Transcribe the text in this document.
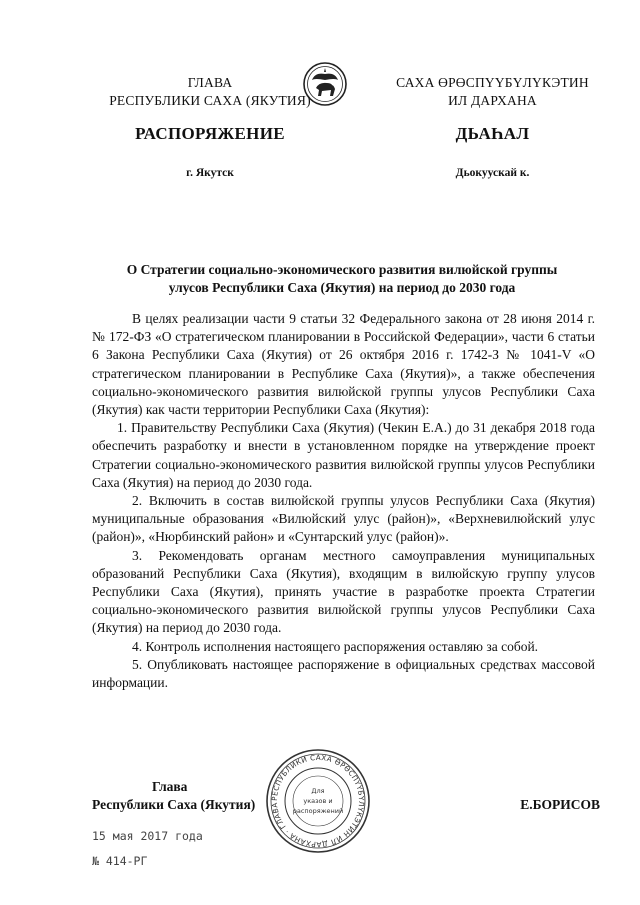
ГЛАВА
РЕСПУБЛИКИ САХА (ЯКУТИЯ)
САХА ӨРӨСПҮҮБҮЛҮКЭТИН
ИЛ ДАРХАНА
РАСПОРЯЖЕНИЕ	ДЬАҺАЛ
г. Якутск	Дьокуускай к.
О Стратегии социально-экономического развития вилюйской группы
улусов Республики Саха (Якутия) на период до 2030 года

В целях реализации части 9 статьи 32 Федерального закона от 28 июня 2014 г. № 172-ФЗ «О стратегическом планировании в Российской Федерации», части 6 статьи 6 Закона Республики Саха (Якутия) от 26 октября 2016 г. 1742-З № 1041-V «О стратегическом планировании в Республике Саха (Якутия)», а также обеспечения социально-экономического развития вилюйской группы улусов Республики Саха (Якутия) как части территории Республики Саха (Якутия):

1. Правительству Республики Саха (Якутия) (Чекин Е.А.) до 31 декабря 2018 года обеспечить разработку и внести в установленном порядке на утверждение проект Стратегии социально-экономического развития вилюйской группы улусов Республики Саха (Якутия) на период до 2030 года.

2. Включить в состав вилюйской группы улусов Республики Саха (Якутия) муниципальные образования «Вилюйский улус (район)», «Верхневилюйский улус (район)», «Нюрбинский район» и «Сунтарский улус (район)».

3. Рекомендовать органам местного самоуправления муниципальных образований Республики Саха (Якутия), входящим в вилюйскую группу улусов Республики Саха (Якутия), принять участие в разработке проекта Стратегии социально-экономического развития вилюйской группы улусов Республики Саха (Якутия) на период до 2030 года.

4. Контроль исполнения настоящего распоряжения оставляю за собой.

5. Опубликовать настоящее распоряжение в официальных средствах массовой информации.

Глава
Республики Саха (Якутия)	Е.БОРИСОВ
РЕСПУБЛИКИ САХА ӨРӨСПҮҮБҮЛҮКЭТИН ИЛ ДАРХАНА · ГЛАВА
Для
указов и
распоряжений
15 мая 2017 года
№ 414-РГ
